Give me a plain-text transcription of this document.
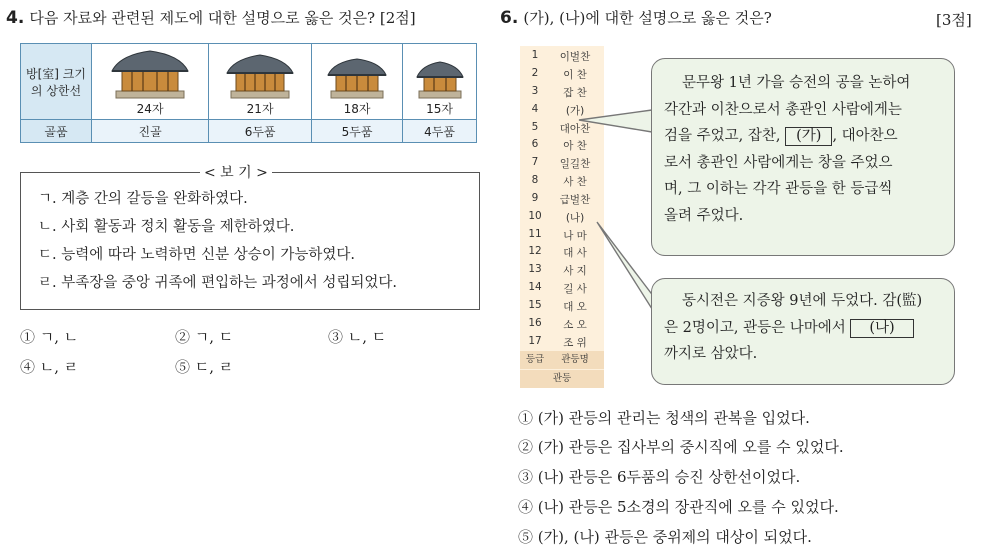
4. 다음 자료와 관련된 제도에 대한 설명으로 옳은 것은? [2점]
방[室] 크기
의 상한선	24자	21자	18자	15자

골품	진골	6두품	5두품	4두품
< 보 기 >
ㄱ. 계층 간의 갈등을 완화하였다.
ㄴ. 사회 활동과 정치 활동을 제한하였다.
ㄷ. 능력에 따라 노력하면 신분 상승이 가능하였다.
ㄹ. 부족장을 중앙 귀족에 편입하는 과정에서 성립되었다.
① ㄱ, ㄴ	② ㄱ, ㄷ	③ ㄴ, ㄷ
④ ㄴ, ㄹ	⑤ ㄷ, ㄹ
6. (가), (나)에 대한 설명으로 옳은 것은?	[3점]
1	이벌찬
2	이 찬
3	잡 찬
4	(가)
5	대아찬
6	아 찬
7	일길찬
8	사 찬
9	급벌찬
10	(나)
11	나 마
12	대 사
13	사 지
14	길 사
15	대 오
16	소 오
17	조 위
등급	관등명
관등
문무왕 1년 가을 승전의 공을 논하여
각간과 이찬으로서 총관인 사람에게는
검을 주었고, 잡찬, (가) , 대아찬으
로서 총관인 사람에게는 창을 주었으
며, 그 이하는 각각 관등을 한 등급씩
올려 주었다.
동시전은 지증왕 9년에 두었다. 감(監)
은 2명이고, 관등은 나마에서 (나)
까지로 삼았다.
① (가) 관등의 관리는 청색의 관복을 입었다.
② (가) 관등은 집사부의 중시직에 오를 수 있었다.
③ (나) 관등은 6두품의 승진 상한선이었다.
④ (나) 관등은 5소경의 장관직에 오를 수 있었다.
⑤ (가), (나) 관등은 중위제의 대상이 되었다.
